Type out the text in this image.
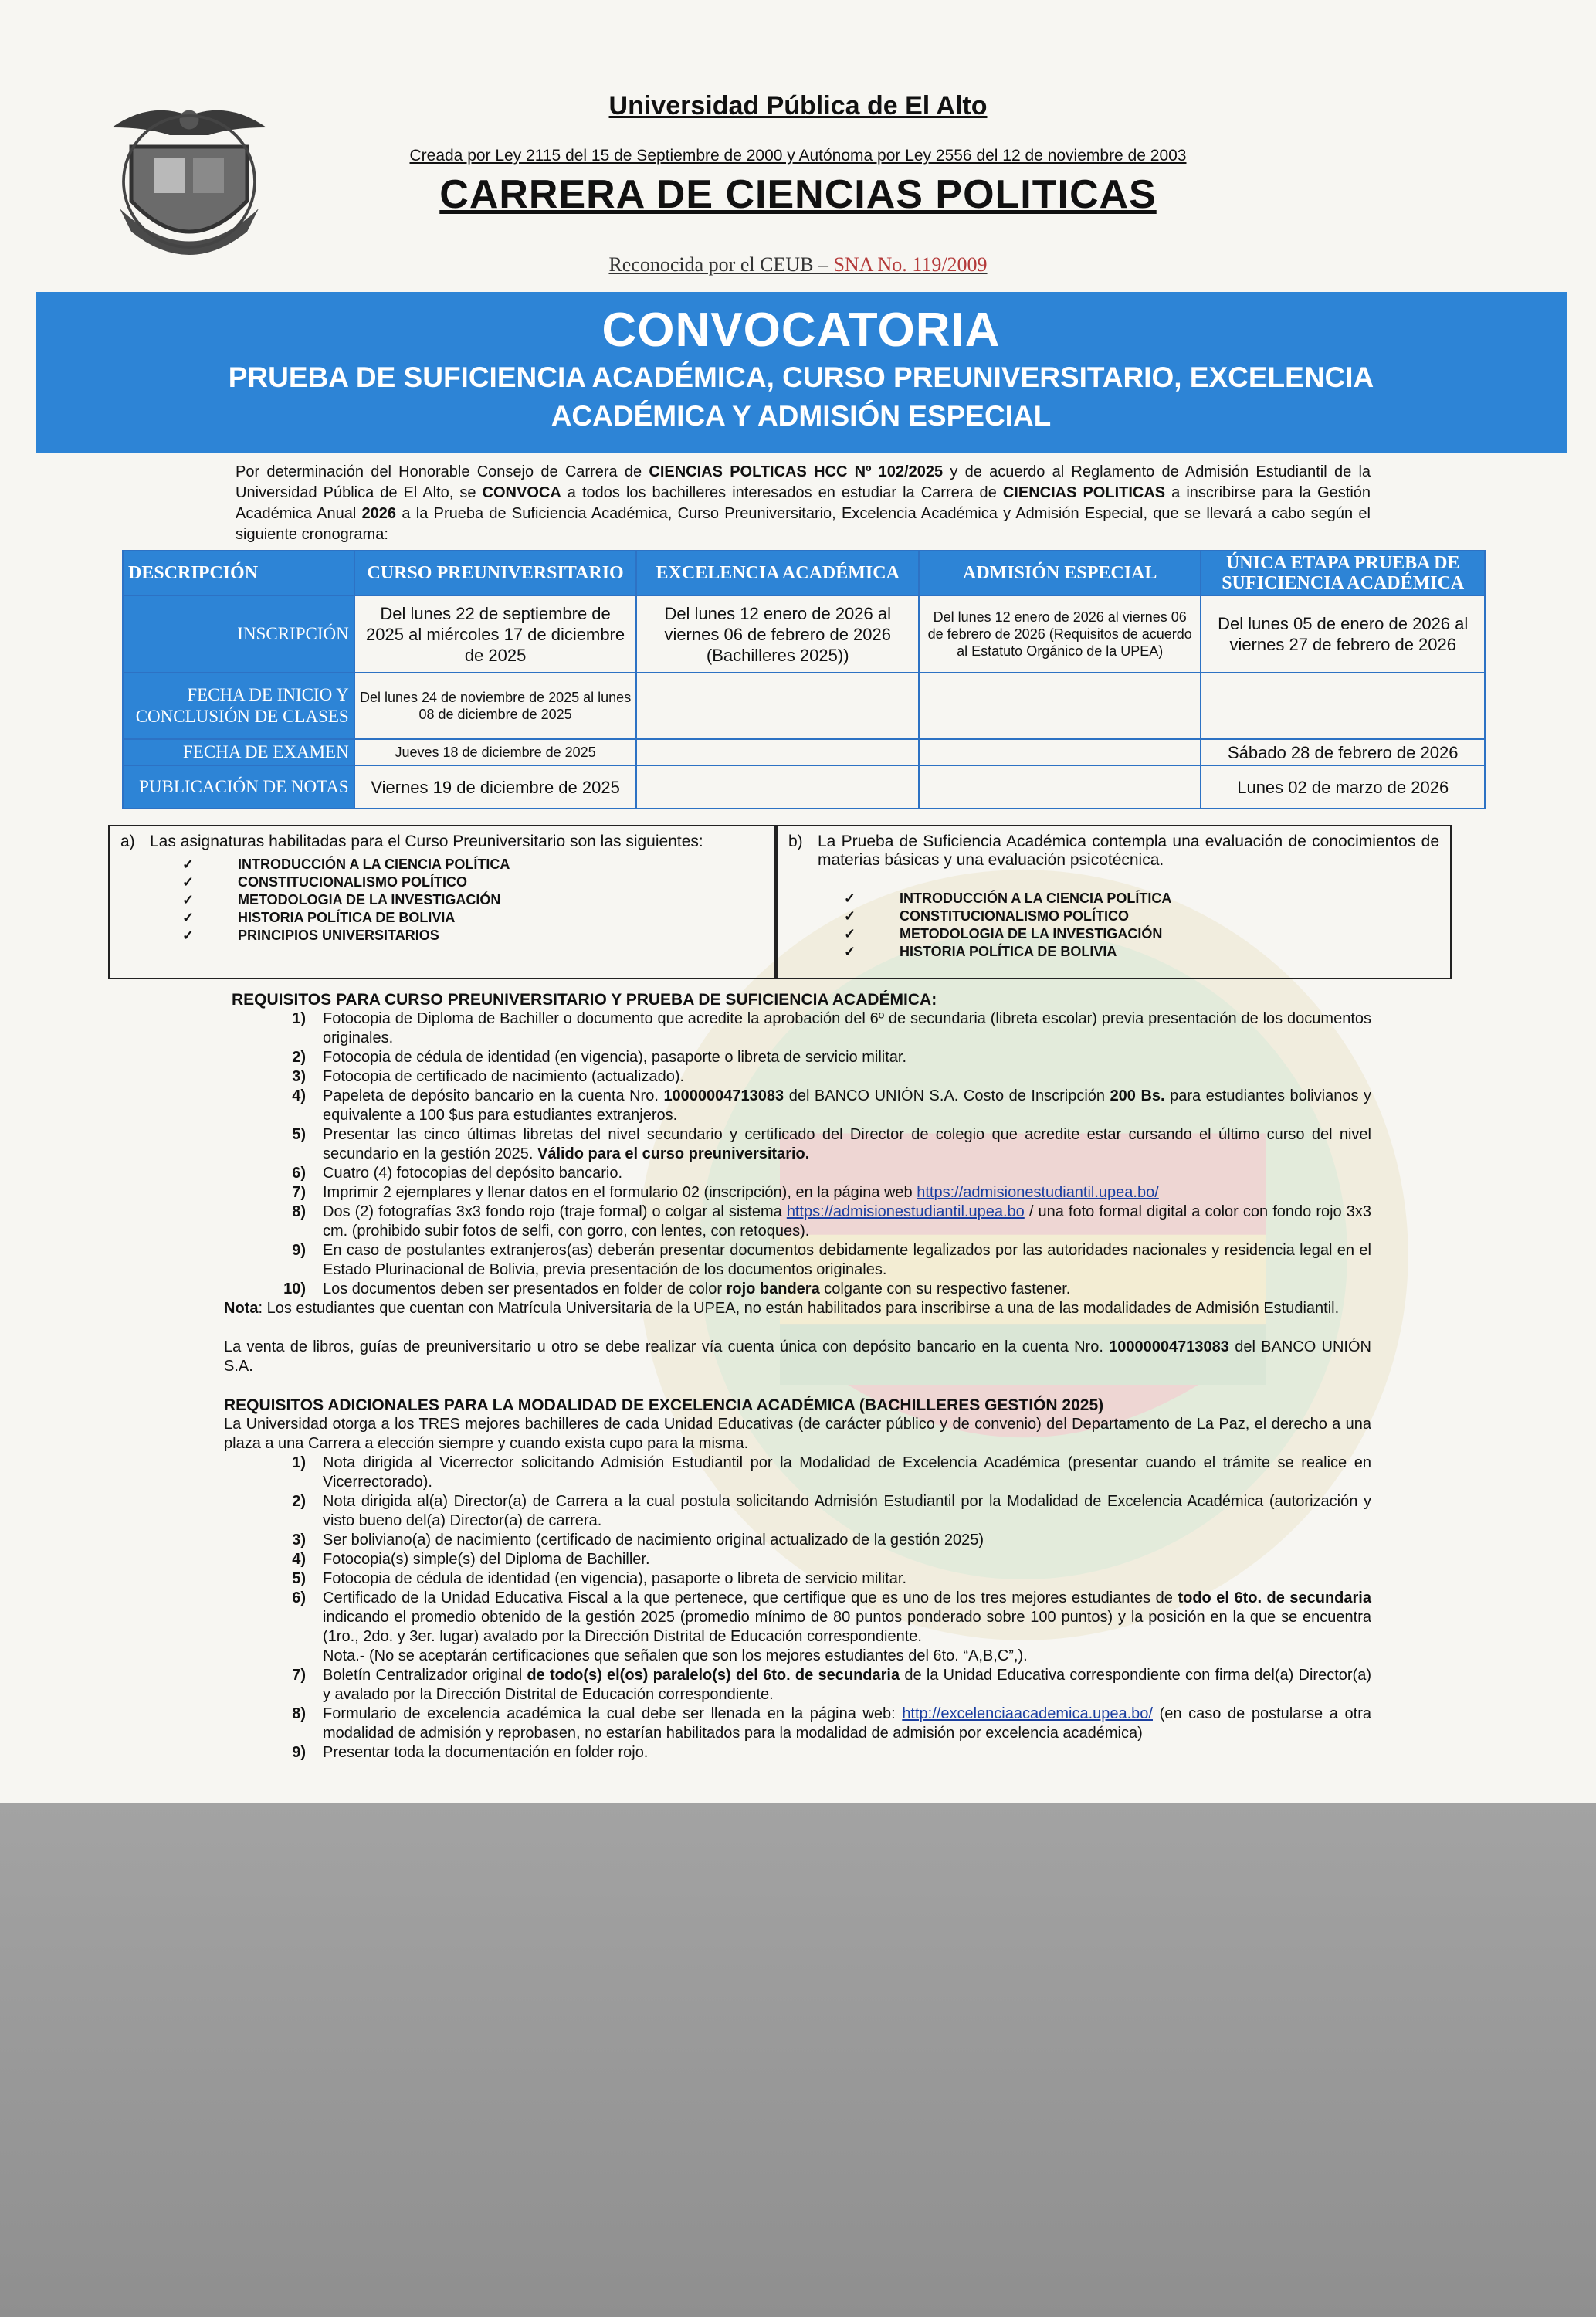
Universidad Pública de El Alto
Creada por Ley 2115 del 15 de Septiembre de 2000 y Autónoma por Ley 2556 del 12 de noviembre de 2003
CARRERA DE CIENCIAS POLITICAS
Reconocida por el CEUB – SNA No. 119/2009
CONVOCATORIA
PRUEBA DE SUFICIENCIA ACADÉMICA, CURSO PREUNIVERSITARIO, EXCELENCIA
ACADÉMICA Y ADMISIÓN ESPECIAL
Por determinación del Honorable Consejo de Carrera de CIENCIAS POLTICAS HCC Nº 102/2025 y de acuerdo al Reglamento de Admisión Estudiantil de la Universidad Pública de El Alto, se CONVOCA a todos los bachilleres interesados en estudiar la Carrera de CIENCIAS POLITICAS a inscribirse para la Gestión Académica Anual 2026 a la Prueba de Suficiencia Académica, Curso Preuniversitario, Excelencia Académica y Admisión Especial, que se llevará a cabo según el siguiente cronograma:
DESCRIPCIÓN	CURSO PREUNIVERSITARIO	EXCELENCIA ACADÉMICA	ADMISIÓN ESPECIAL	ÚNICA ETAPA PRUEBA DE SUFICIENCIA ACADÉMICA
INSCRIPCIÓN	Del lunes 22 de septiembre de 2025 al miércoles 17 de diciembre de 2025	Del lunes 12 enero de 2026 al viernes 06 de febrero de 2026 (Bachilleres 2025))	Del lunes 12 enero de 2026 al viernes 06 de febrero de 2026 (Requisitos de acuerdo al Estatuto Orgánico de la UPEA)	Del lunes 05 de enero de 2026 al viernes 27 de febrero de 2026
FECHA DE INICIO Y CONCLUSIÓN DE CLASES	Del lunes 24 de noviembre de 2025 al lunes 08 de diciembre de 2025			
FECHA DE EXAMEN	Jueves 18 de diciembre de 2025			Sábado 28 de febrero de 2026
PUBLICACIÓN DE NOTAS	Viernes 19 de diciembre de 2025			Lunes 02 de marzo de 2026
a) Las asignaturas habilitadas para el Curso Preuniversitario son las siguientes:
✓	INTRODUCCIÓN A LA CIENCIA POLÍTICA
✓	CONSTITUCIONALISMO POLÍTICO
✓	METODOLOGIA DE LA INVESTIGACIÓN
✓	HISTORIA POLÍTICA DE BOLIVIA
✓	PRINCIPIOS UNIVERSITARIOS
b) La Prueba de Suficiencia Académica contempla una evaluación de conocimientos de materias básicas y una evaluación psicotécnica.
✓	INTRODUCCIÓN A LA CIENCIA POLÍTICA
✓	CONSTITUCIONALISMO POLÍTICO
✓	METODOLOGIA DE LA INVESTIGACIÓN
✓	HISTORIA POLÍTICA DE BOLIVIA
REQUISITOS PARA CURSO PREUNIVERSITARIO Y PRUEBA DE SUFICIENCIA ACADÉMICA:
1)	Fotocopia de Diploma de Bachiller o documento que acredite la aprobación del 6º de secundaria (libreta escolar) previa presentación de los documentos originales.
2)	Fotocopia de cédula de identidad (en vigencia), pasaporte o libreta de servicio militar.
3)	Fotocopia de certificado de nacimiento (actualizado).
4)	Papeleta de depósito bancario en la cuenta Nro. 10000004713083 del BANCO UNIÓN S.A. Costo de Inscripción 200 Bs. para estudiantes bolivianos y equivalente a 100 $us para estudiantes extranjeros.
5)	Presentar las cinco últimas libretas del nivel secundario y certificado del Director de colegio que acredite estar cursando el último curso del nivel secundario en la gestión 2025. Válido para el curso preuniversitario.
6)	Cuatro (4) fotocopias del depósito bancario.
7)	Imprimir 2 ejemplares y llenar datos en el formulario 02 (inscripción), en la página web https://admisionestudiantil.upea.bo/
8)	Dos (2) fotografías 3x3 fondo rojo (traje formal) o colgar al sistema https://admisionestudiantil.upea.bo / una foto formal digital a color con fondo rojo 3x3 cm. (prohibido subir fotos de selfi, con gorro, con lentes, con retoques).
9)	En caso de postulantes extranjeros(as) deberán presentar documentos debidamente legalizados por las autoridades nacionales y residencia legal en el Estado Plurinacional de Bolivia, previa presentación de los documentos originales.
10)	Los documentos deben ser presentados en folder de color rojo bandera colgante con su respectivo fastener.
Nota: Los estudiantes que cuentan con Matrícula Universitaria de la UPEA, no están habilitados para inscribirse a una de las modalidades de Admisión Estudiantil.
La venta de libros, guías de preuniversitario u otro se debe realizar vía cuenta única con depósito bancario en la cuenta Nro. 10000004713083 del BANCO UNIÓN S.A.
REQUISITOS ADICIONALES PARA LA MODALIDAD DE EXCELENCIA ACADÉMICA (BACHILLERES GESTIÓN 2025)
La Universidad otorga a los TRES mejores bachilleres de cada Unidad Educativas (de carácter público y de convenio) del Departamento de La Paz, el derecho a una plaza a una Carrera a elección siempre y cuando exista cupo para la misma.
1)	Nota dirigida al Vicerrector solicitando Admisión Estudiantil por la Modalidad de Excelencia Académica (presentar cuando el trámite se realice en Vicerrectorado).
2)	Nota dirigida al(a) Director(a) de Carrera a la cual postula solicitando Admisión Estudiantil por la Modalidad de Excelencia Académica (autorización y visto bueno del(a) Director(a) de carrera.
3)	Ser boliviano(a) de nacimiento (certificado de nacimiento original actualizado de la gestión 2025)
4)	Fotocopia(s) simple(s) del Diploma de Bachiller.
5)	Fotocopia de cédula de identidad (en vigencia), pasaporte o libreta de servicio militar.
6)	Certificado de la Unidad Educativa Fiscal a la que pertenece, que certifique que es uno de los tres mejores estudiantes de todo el 6to. de secundaria indicando el promedio obtenido de la gestión 2025 (promedio mínimo de 80 puntos ponderado sobre 100 puntos) y la posición en la que se encuentra (1ro., 2do. y 3er. lugar) avalado por la Dirección Distrital de Educación correspondiente.
Nota.- (No se aceptarán certificaciones que señalen que son los mejores estudiantes del 6to. “A,B,C”,).
7)	Boletín Centralizador original de todo(s) el(os) paralelo(s) del 6to. de secundaria de la Unidad Educativa correspondiente con firma del(a) Director(a) y avalado por la Dirección Distrital de Educación correspondiente.
8)	Formulario de excelencia académica la cual debe ser llenada en la página web: http://excelenciaacademica.upea.bo/ (en caso de postularse a otra modalidad de admisión y reprobasen, no estarían habilitados para la modalidad de admisión por excelencia académica)
9)	Presentar toda la documentación en folder rojo.
